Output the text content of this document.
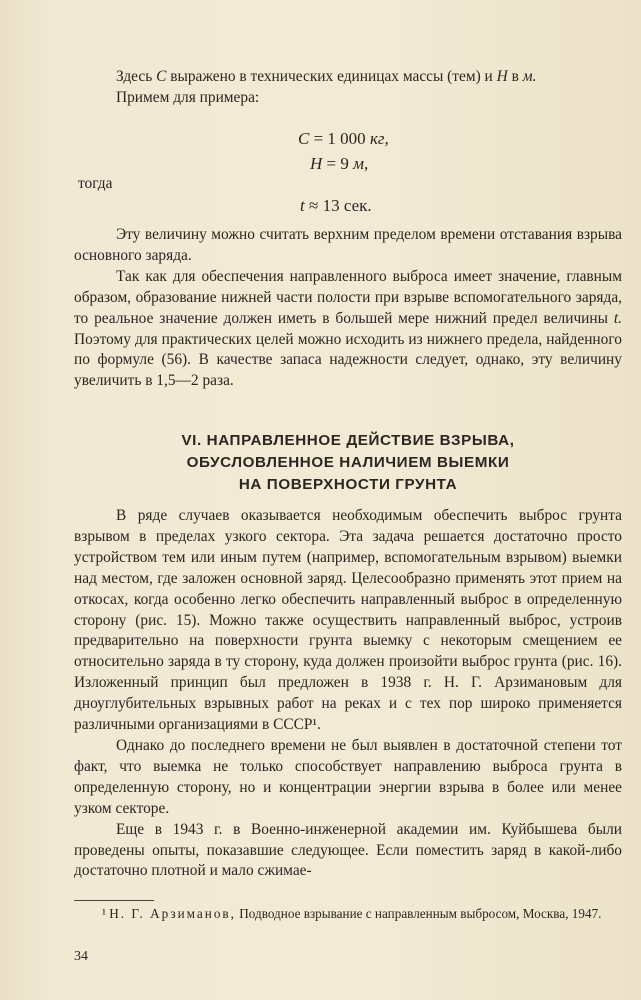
Здесь C выражено в технических единицах массы (тем) и H в м.

Примем для примера:

C = 1 000 кг,
H = 9 м,
тогда
t ≈ 13 сек.

Эту величину можно считать верхним пределом времени отставания взрыва основного заряда.

Так как для обеспечения направленного выброса имеет значение, главным образом, образование нижней части полости при взрыве вспомогательного заряда, то реальное значение должен иметь в большей мере нижний предел величины t. Поэтому для практических целей можно исходить из нижнего предела, найденного по формуле (56). В качестве запаса надежности следует, однако, эту величину увеличить в 1,5—2 раза.

VI. НАПРАВЛЕННОЕ ДЕЙСТВИЕ ВЗРЫВА,
ОБУСЛОВЛЕННОЕ НАЛИЧИЕМ ВЫЕМКИ
НА ПОВЕРХНОСТИ ГРУНТА

В ряде случаев оказывается необходимым обеспечить выброс грунта взрывом в пределах узкого сектора. Эта задача решается достаточно просто устройством тем или иным путем (например, вспомогательным взрывом) выемки над местом, где заложен основной заряд. Целесообразно применять этот прием на откосах, когда особенно легко обеспечить направленный выброс в определенную сторону (рис. 15). Можно также осуществить направленный выброс, устроив предварительно на поверхности грунта выемку с некоторым смещением ее относительно заряда в ту сторону, куда должен произойти выброс грунта (рис. 16). Изложенный принцип был предложен в 1938 г. Н. Г. Арзимановым для дноуглубительных взрывных работ на реках и с тех пор широко применяется различными организациями в СССР¹.

Однако до последнего времени не был выявлен в достаточной степени тот факт, что выемка не только способствует направлению выброса грунта в определенную сторону, но и концентрации энергии взрыва в более или менее узком секторе.

Еще в 1943 г. в Военно-инженерной академии им. Куйбышева были проведены опыты, показавшие следующее. Если поместить заряд в какой-либо достаточно плотной и мало сжимае-

¹ Н. Г. Арзиманов, Подводное взрывание с направленным выбросом, Москва, 1947.

34
